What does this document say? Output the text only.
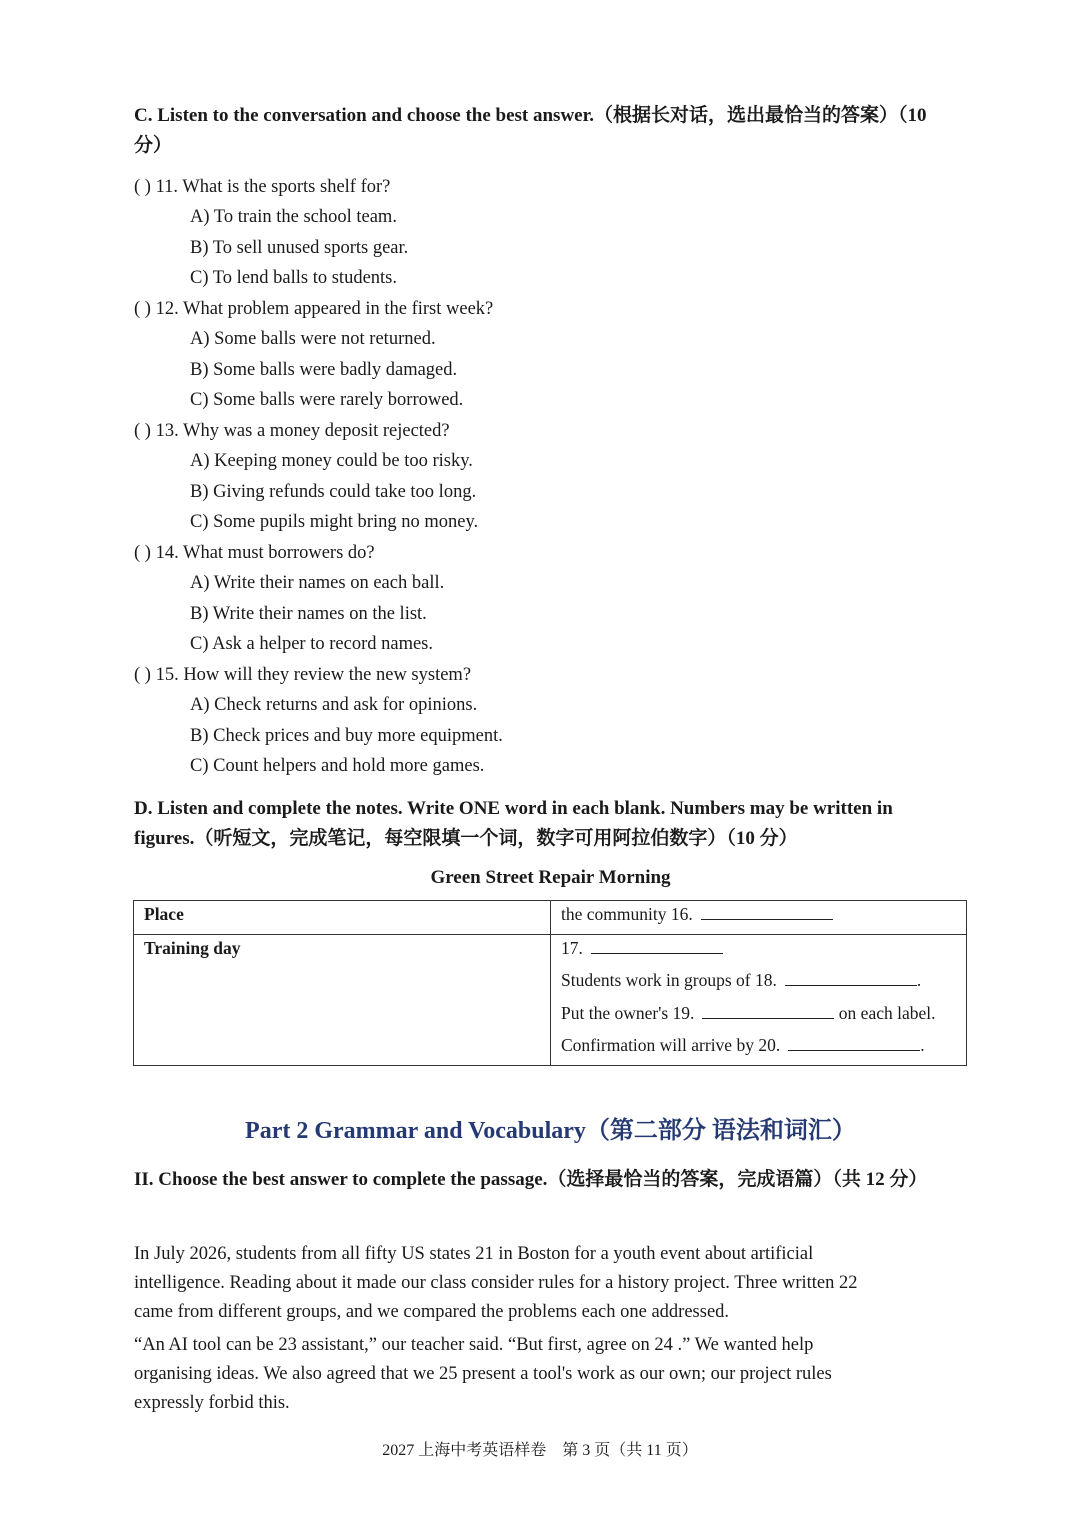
C. Listen to the conversation and choose the best answer.（根据长对话，选出最恰当的答案）（10 分）
( ) 11. What is the sports shelf for?
A) To train the school team.
B) To sell unused sports gear.
C) To lend balls to students.
( ) 12. What problem appeared in the first week?
A) Some balls were not returned.
B) Some balls were badly damaged.
C) Some balls were rarely borrowed.
( ) 13. Why was a money deposit rejected?
A) Keeping money could be too risky.
B) Giving refunds could take too long.
C) Some pupils might bring no money.
( ) 14. What must borrowers do?
A) Write their names on each ball.
B) Write their names on the list.
C) Ask a helper to record names.
( ) 15. How will they review the new system?
A) Check returns and ask for opinions.
B) Check prices and buy more equipment.
C) Count helpers and hold more games.
D. Listen and complete the notes. Write ONE word in each blank. Numbers may be written in figures.（听短文，完成笔记，每空限填一个词，数字可用阿拉伯数字）（10 分）
Green Street Repair Morning
Place	the community 16.

Training day	17.
Students work in groups of 18. .
Put the owner's 19. on each label.
Confirmation will arrive by 20. .
Part 2 Grammar and Vocabulary（第二部分 语法和词汇）
II. Choose the best answer to complete the passage.（选择最恰当的答案，完成语篇）（共 12 分）
In July 2026, students from all fifty US states 21 in Boston for a youth event about artificial
intelligence. Reading about it made our class consider rules for a history project. Three written 22
came from different groups, and we compared the problems each one addressed.
“An AI tool can be 23 assistant,” our teacher said. “But first, agree on 24 .” We wanted help
organising ideas. We also agreed that we 25 present a tool's work as our own; our project rules
expressly forbid this.
2027 上海中考英语样卷　第 3 页（共 11 页）
